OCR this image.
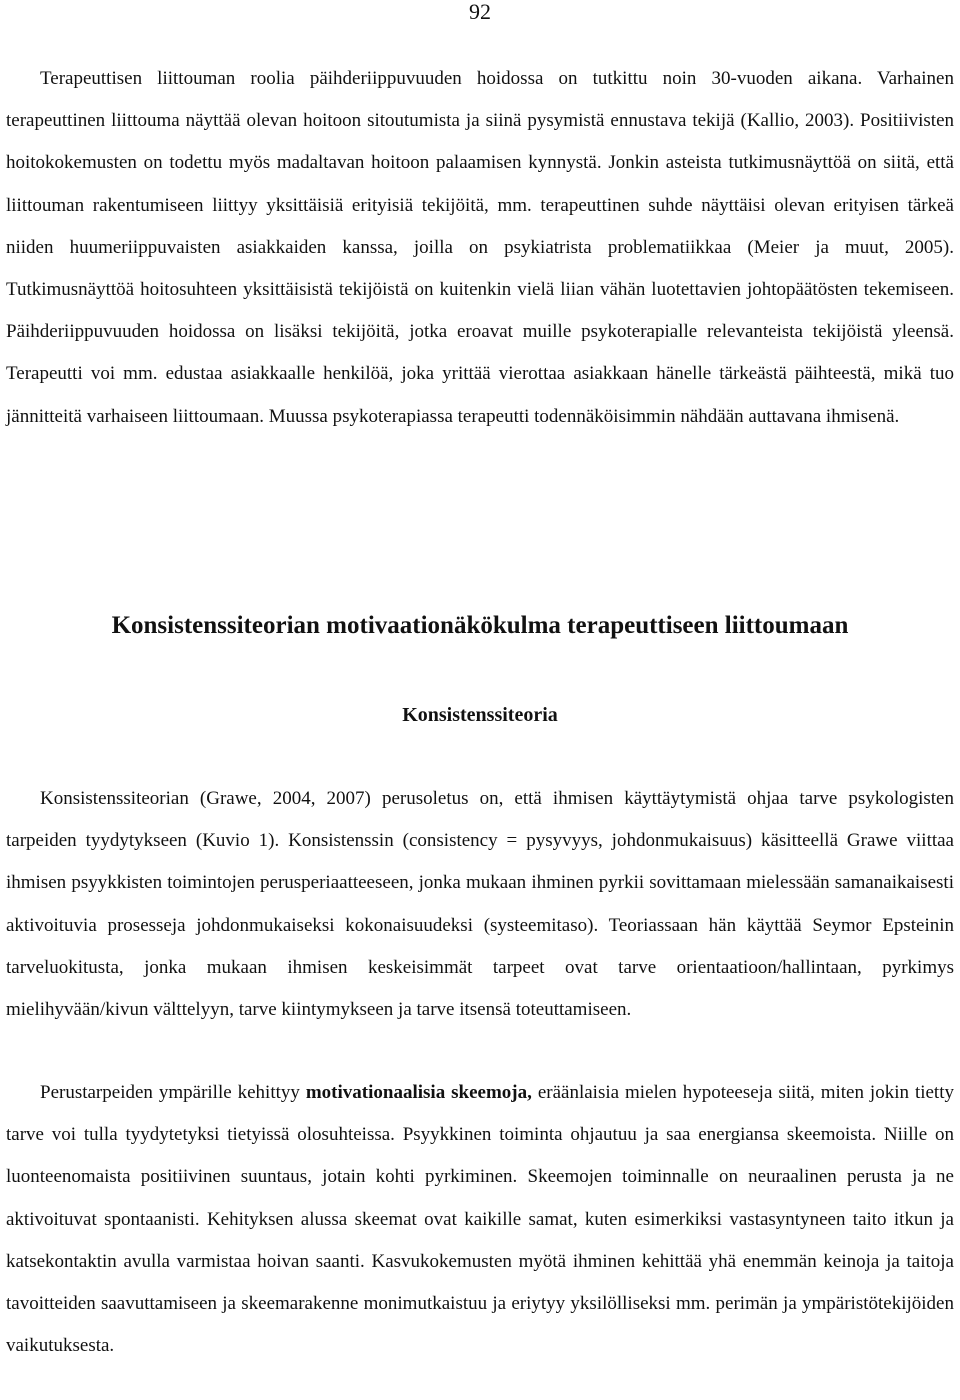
92

Terapeuttisen liittouman roolia päihderiippuvuuden hoidossa on tutkittu noin 30-vuoden aikana. Varhainen terapeuttinen liittouma näyttää olevan hoitoon sitoutumista ja siinä pysymistä ennustava tekijä (Kallio, 2003). Positiivisten hoitokokemusten on todettu myös madaltavan hoitoon palaamisen kynnystä. Jonkin asteista tutkimusnäyttöä on siitä, että liittouman rakentumiseen liittyy yksittäisiä erityisiä tekijöitä, mm. terapeuttinen suhde näyttäisi olevan erityisen tärkeä niiden huumeriippuvaisten asiakkaiden kanssa, joilla on psykiatrista problematiikkaa (Meier ja muut, 2005). Tutkimusnäyttöä hoitosuhteen yksittäisistä tekijöistä on kuitenkin vielä liian vähän luotettavien johtopäätösten tekemiseen. Päihderiippuvuuden hoidossa on lisäksi tekijöitä, jotka eroavat muille psykoterapialle relevanteista tekijöistä yleensä. Terapeutti voi mm. edustaa asiakkaalle henkilöä, joka yrittää vierottaa asiakkaan hänelle tärkeästä päihteestä, mikä tuo jännitteitä varhaiseen liittoumaan. Muussa psykoterapiassa terapeutti todennäköisimmin nähdään auttavana ihmisenä.

Konsistenssiteorian motivaationäkökulma terapeuttiseen liittoumaan
Konsistenssiteoria

Konsistenssiteorian (Grawe, 2004, 2007) perusoletus on, että ihmisen käyttäytymistä ohjaa tarve psykologisten tarpeiden tyydytykseen (Kuvio 1). Konsistenssin (consistency = pysyvyys, johdonmukaisuus) käsitteellä Grawe viittaa ihmisen psyykkisten toimintojen perusperiaatteeseen, jonka mukaan ihminen pyrkii sovittamaan mielessään samanaikaisesti aktivoituvia prosesseja johdonmukaiseksi kokonaisuudeksi (systeemitaso). Teoriassaan hän käyttää Seymor Epsteinin tarveluokitusta, jonka mukaan ihmisen keskeisimmät tarpeet ovat tarve orientaatioon/hallintaan, pyrkimys mielihyvään/kivun välttelyyn, tarve kiintymykseen ja tarve itsensä toteuttamiseen.

Perustarpeiden ympärille kehittyy motivationaalisia skeemoja, eräänlaisia mielen hypoteeseja siitä, miten jokin tietty tarve voi tulla tyydytetyksi tietyissä olosuhteissa. Psyykkinen toiminta ohjautuu ja saa energiansa skeemoista. Niille on luonteenomaista positiivinen suuntaus, jotain kohti pyrkiminen. Skeemojen toiminnalle on neuraalinen perusta ja ne aktivoituvat spontaanisti. Kehityksen alussa skeemat ovat kaikille samat, kuten esimerkiksi vastasyntyneen taito itkun ja katsekontaktin avulla varmistaa hoivan saanti. Kasvukokemusten myötä ihminen kehittää yhä enemmän keinoja ja taitoja tavoitteiden saavuttamiseen ja skeemarakenne monimutkaistuu ja eriytyy yksilölliseksi mm. perimän ja ympäristötekijöiden vaikutuksesta.
